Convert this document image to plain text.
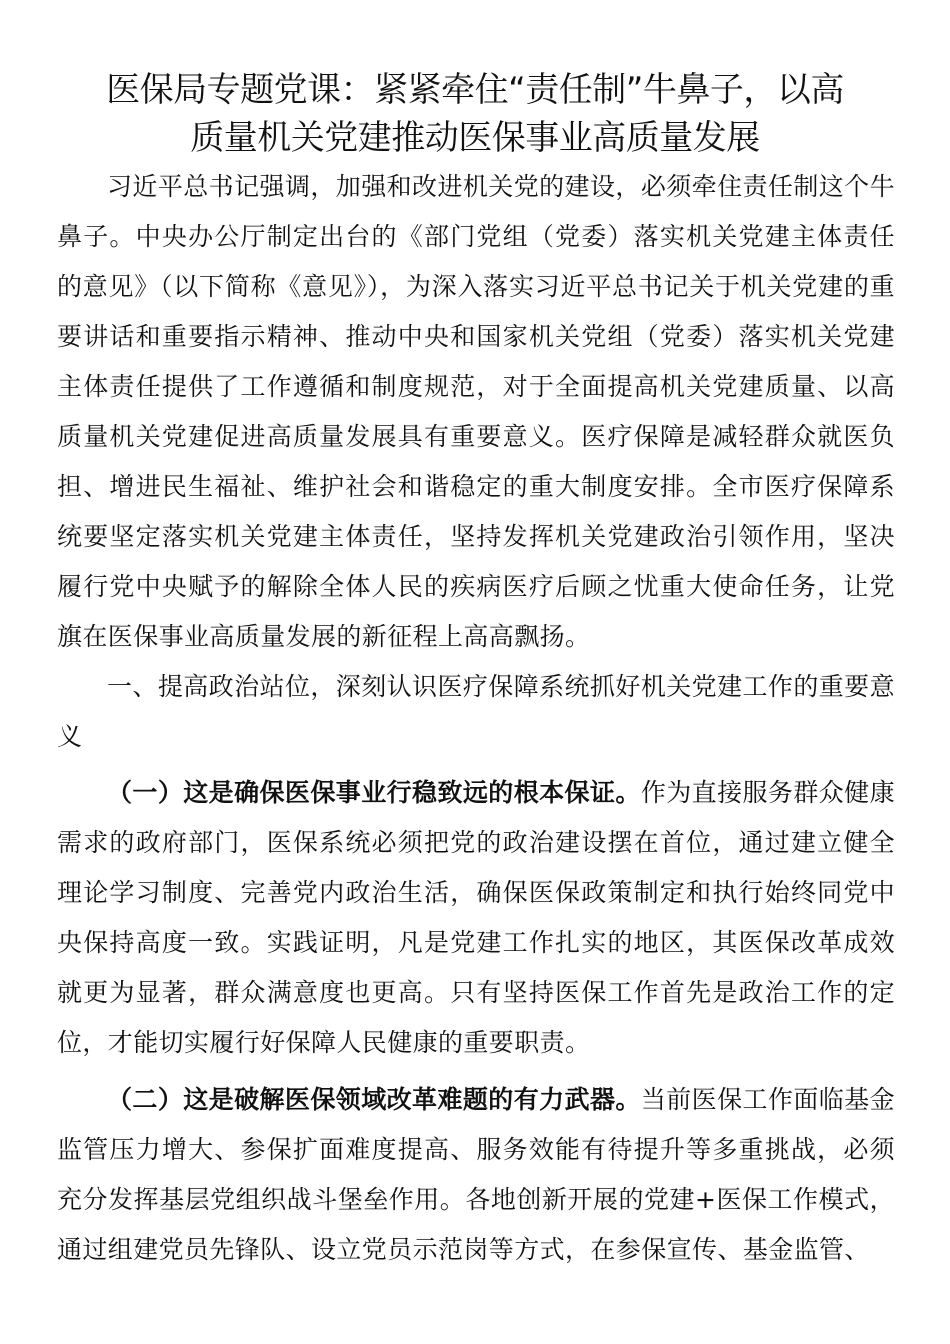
医保局专题党课：紧紧牵住“责任制”牛鼻子，以高
质量机关党建推动医保事业高质量发展

习近平总书记强调，加强和改进机关党的建设，必须牵住责任制这个牛鼻子。中央办公厅制定出台的《部门党组（党委）落实机关党建主体责任的意见》（以下简称《意见》），为深入落实习近平总书记关于机关党建的重要讲话和重要指示精神、推动中央和国家机关党组（党委）落实机关党建主体责任提供了工作遵循和制度规范，对于全面提高机关党建质量、以高质量机关党建促进高质量发展具有重要意义。医疗保障是减轻群众就医负担、增进民生福祉、维护社会和谐稳定的重大制度安排。全市医疗保障系统要坚定落实机关党建主体责任，坚持发挥机关党建政治引领作用，坚决履行党中央赋予的解除全体人民的疾病医疗后顾之忧重大使命任务，让党旗在医保事业高质量发展的新征程上高高飘扬。

一、提高政治站位，深刻认识医疗保障系统抓好机关党建工作的重要意义

（一）这是确保医保事业行稳致远的根本保证。作为直接服务群众健康需求的政府部门，医保系统必须把党的政治建设摆在首位，通过建立健全理论学习制度、完善党内政治生活，确保医保政策制定和执行始终同党中央保持高度一致。实践证明，凡是党建工作扎实的地区，其医保改革成效就更为显著，群众满意度也更高。只有坚持医保工作首先是政治工作的定位，才能切实履行好保障人民健康的重要职责。

（二）这是破解医保领域改革难题的有力武器。当前医保工作面临基金监管压力增大、参保扩面难度提高、服务效能有待提升等多重挑战，必须充分发挥基层党组织战斗堡垒作用。各地创新开展的党建+医保工作模式，通过组建党员先锋队、设立党员示范岗等方式，在参保宣传、基金监管、
